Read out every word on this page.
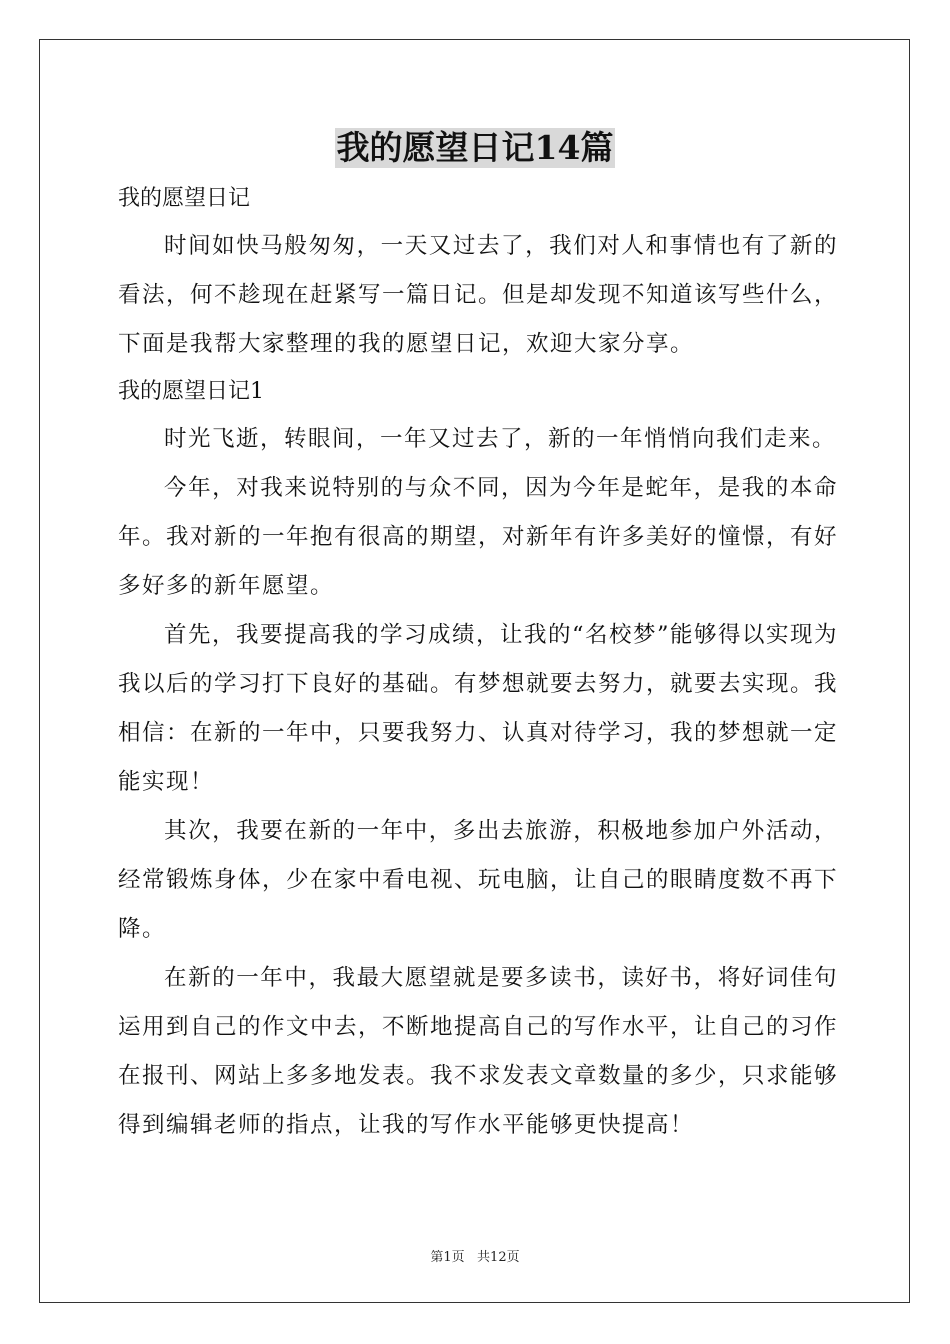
我的愿望日记14篇

我的愿望日记

时间如快马般匆匆，一天又过去了，我们对人和事情也有了新的看法，何不趁现在赶紧写一篇日记。但是却发现不知道该写些什么，下面是我帮大家整理的我的愿望日记，欢迎大家分享。

我的愿望日记1

时光飞逝，转眼间，一年又过去了，新的一年悄悄向我们走来。

今年，对我来说特别的与众不同，因为今年是蛇年，是我的本命年。我对新的一年抱有很高的期望，对新年有许多美好的憧憬，有好多好多的新年愿望。

首先，我要提高我的学习成绩，让我的“名校梦”能够得以实现为我以后的学习打下良好的基础。有梦想就要去努力，就要去实现。我相信：在新的一年中，只要我努力、认真对待学习，我的梦想就一定能实现！

其次，我要在新的一年中，多出去旅游，积极地参加户外活动，经常锻炼身体，少在家中看电视、玩电脑，让自己的眼睛度数不再下降。

在新的一年中，我最大愿望就是要多读书，读好书，将好词佳句运用到自己的作文中去，不断地提高自己的写作水平，让自己的习作在报刊、网站上多多地发表。我不求发表文章数量的多少，只求能够得到编辑老师的指点，让我的写作水平能够更快提高！

第1页   共12页
